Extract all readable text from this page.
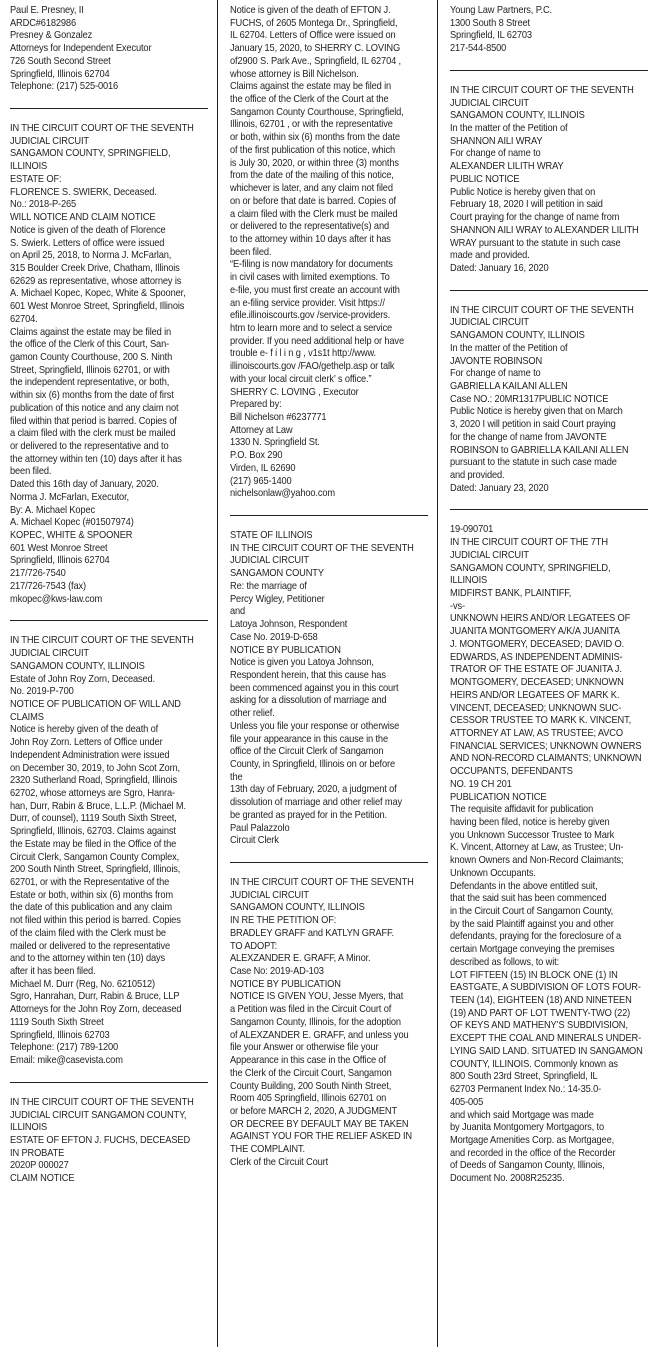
Paul E. Presney, II
ARDC#6182986
Presney & Gonzalez
Attorneys for Independent Executor
726 South Second Street
Springfield, Illinois 62704
Telephone: (217) 525-0016
IN THE CIRCUIT COURT OF THE SEVENTH
JUDICIAL CIRCUIT
SANGAMON COUNTY, SPRINGFIELD,
ILLINOIS
ESTATE OF:
FLORENCE S. SWIERK, Deceased.
No.: 2018-P-265
WILL NOTICE AND CLAIM NOTICE
Notice is given of the death of Florence
S. Swierk. Letters of office were issued
on April 25, 2018, to Norma J. McFarlan,
315 Boulder Creek Drive, Chatham, Illinois
62629 as representative, whose attorney is
A. Michael Kopec, Kopec, White & Spooner,
601 West Monroe Street, Springfield, Illinois
62704.
Claims against the estate may be filed in
the office of the Clerk of this Court, San-
gamon County Courthouse, 200 S. Ninth
Street, Springfield, Illinois 62701, or with
the independent representative, or both,
within six (6) months from the date of first
publication of this notice and any claim not
filed within that period is barred. Copies of
a claim filed with the clerk must be mailed
or delivered to the representative and to
the attorney within ten (10) days after it has
been filed.
Dated this 16th day of January, 2020.
Norma J. McFarlan, Executor,
By: A. Michael Kopec
A. Michael Kopec (#01507974)
KOPEC, WHITE & SPOONER
601 West Monroe Street
Springfield, Illinois 62704
217/726-7540
217/726-7543 (fax)
mkopec@kws-law.com
IN THE CIRCUIT COURT OF THE SEVENTH
JUDICIAL CIRCUIT
SANGAMON COUNTY, ILLINOIS
Estate of John Roy Zorn, Deceased.
No. 2019-P-700
NOTICE OF PUBLICATION OF WILL AND
CLAIMS
Notice is hereby given of the death of
John Roy Zorn. Letters of Office under
Independent Administration were issued
on December 30, 2019, to John Scot Zorn,
2320 Sutherland Road, Springfield, Illinois
62702, whose attorneys are Sgro, Hanra-
han, Durr, Rabin & Bruce, L.L.P. (Michael M.
Durr, of counsel), 1119 South Sixth Street,
Springfield, Illinois, 62703. Claims against
the Estate may be filed in the Office of the
Circuit Clerk, Sangamon County Complex,
200 South Ninth Street, Springfield, Illinois,
62701, or with the Representative of the
Estate or both, within six (6) months from
the date of this publication and any claim
not filed within this period is barred. Copies
of the claim filed with the Clerk must be
mailed or delivered to the representative
and to the attorney within ten (10) days
after it has been filed.
Michael M. Durr (Reg, No. 6210512)
Sgro, Hanrahan, Durr, Rabin & Bruce, LLP
Attorneys for the John Roy Zorn, deceased
1119 South Sixth Street
Springfield, Illinois 62703
Telephone: (217) 789-1200
Email: mike@casevista.com
IN THE CIRCUIT COURT OF THE SEVENTH
JUDICIAL CIRCUIT SANGAMON COUNTY,
ILLINOIS
ESTATE OF EFTON J. FUCHS, DECEASED
IN PROBATE
2020P 000027
CLAIM NOTICE
Notice is given of the death of EFTON J.
FUCHS, of 2605 Montega Dr., Springfield,
IL 62704. Letters of Office were issued on
January 15, 2020, to SHERRY C. LOVING
of2900 S. Park Ave., Springfield, IL 62704 ,
whose attorney is Bill Nichelson.
Claims against the estate may be filed in
the office of the Clerk of the Court at the
Sangamon County Courthouse, Springfield,
Illinois, 62701 , or with the representative
or both, within six (6) months from the date
of the first publication of this notice, which
is July 30, 2020, or within three (3) months
from the date of the mailing of this notice,
whichever is later, and any claim not filed
on or before that date is barred. Copies of
a claim filed with the Clerk must be mailed
or delivered to the representative(s) and
to the attorney within 10 days after it has
been filed.
“E-filing is now mandatory for documents
in civil cases with limited exemptions. To
e-file, you must first create an account with
an e-filing service provider. Visit https://
efile.illinoiscourts.gov /service-providers.
htm to learn more and to select a service
provider. If you need additional help or have
trouble e- f i l i n g , v1s1t http://www.
illinoiscourts.gov /FAO/gethelp.asp or talk
with your local circuit clerk’ s office.”
SHERRY C. LOVING , Executor
Prepared by:
Bill Nichelson #6237771
Attorney at Law
1330 N. Springfield St.
P.O. Box 290
Virden, IL 62690
(217) 965-1400
nichelsonlaw@yahoo.com
STATE OF ILLINOIS
IN THE CIRCUIT COURT OF THE SEVENTH
JUDICIAL CIRCUIT
SANGAMON COUNTY
Re: the marriage of
Percy Wigley, Petitioner
and
Latoya Johnson, Respondent
Case No. 2019-D-658
NOTICE BY PUBLICATION
Notice is given you Latoya Johnson,
Respondent herein, that this cause has
been commenced against you in this court
asking for a dissolution of marriage and
other relief.
Unless you file your response or otherwise
file your appearance in this cause in the
office of the Circuit Clerk of Sangamon
County, in Springfield, Illinois on or before
the
13th day of February, 2020, a judgment of
dissolution of marriage and other relief may
be granted as prayed for in the Petition.
Paul Palazzolo
Circuit Clerk
IN THE CIRCUIT COURT OF THE SEVENTH
JUDICIAL CIRCUIT
SANGAMON COUNTY, ILLINOIS
IN RE THE PETITION OF:
BRADLEY GRAFF and KATLYN GRAFF.
TO ADOPT:
ALEXZANDER E. GRAFF, A Minor.
Case No: 2019-AD-103
NOTICE BY PUBLICATION
NOTICE IS GIVEN YOU, Jesse Myers, that
a Petition was filed in the Circuit Court of
Sangamon County, Illinois, for the adoption
of ALEXZANDER E. GRAFF, and unless you
file your Answer or otherwise file your
Appearance in this case in the Office of
the Clerk of the Circuit Court, Sangamon
County Building, 200 South Ninth Street,
Room 405 Springfield, Illinois 62701 on
or before MARCH 2, 2020, A JUDGMENT
OR DECREE BY DEFAULT MAY BE TAKEN
AGAINST YOU FOR THE RELIEF ASKED IN
THE COMPLAINT.
Clerk of the Circuit Court
Young Law Partners, P.C.
1300 South 8 Street
Springfield, IL 62703
217-544-8500
IN THE CIRCUIT COURT OF THE SEVENTH
JUDICIAL CIRCUIT
SANGAMON COUNTY, ILLINOIS
In the matter of the Petition of
SHANNON AILI WRAY
For change of name to
ALEXANDER LILITH WRAY
PUBLIC NOTICE
Public Notice is hereby given that on
February 18, 2020 I will petition in said
Court praying for the change of name from
SHANNON AILI WRAY to ALEXANDER LILITH
WRAY pursuant to the statute in such case
made and provided.
Dated: January 16, 2020
IN THE CIRCUIT COURT OF THE SEVENTH
JUDICIAL CIRCUIT
SANGAMON COUNTY, ILLINOIS
In the matter of the Petition of
JAVONTE ROBINSON
For change of name to
GABRIELLA KAILANI ALLEN
Case NO.: 20MR1317PUBLIC NOTICE
Public Notice is hereby given that on March
3, 2020 I will petition in said Court praying
for the change of name from JAVONTE
ROBINSON to GABRIELLA KAILANI ALLEN
pursuant to the statute in such case made
and provided.
Dated: January 23, 2020
19-090701
IN THE CIRCUIT COURT OF THE 7TH
JUDICIAL CIRCUIT
SANGAMON COUNTY, SPRINGFIELD,
ILLINOIS
MIDFIRST BANK, PLAINTIFF,
-vs-
UNKNOWN HEIRS AND/OR LEGATEES OF
JUANITA MONTGOMERY A/K/A JUANITA
J. MONTGOMERY, DECEASED; DAVID O.
EDWARDS, AS INDEPENDENT ADMINIS-
TRATOR OF THE ESTATE OF JUANITA J.
MONTGOMERY, DECEASED; UNKNOWN
HEIRS AND/OR LEGATEES OF MARK K.
VINCENT, DECEASED; UNKNOWN SUC-
CESSOR TRUSTEE TO MARK K. VINCENT,
ATTORNEY AT LAW, AS TRUSTEE; AVCO
FINANCIAL SERVICES; UNKNOWN OWNERS
AND NON-RECORD CLAIMANTS; UNKNOWN
OCCUPANTS, DEFENDANTS
NO. 19 CH 201
PUBLICATION NOTICE
The requisite affidavit for publication
having been filed, notice is hereby given
you Unknown Successor Trustee to Mark
K. Vincent, Attorney at Law, as Trustee; Un-
known Owners and Non-Record Claimants;
Unknown Occupants.
Defendants in the above entitled suit,
that the said suit has been commenced
in the Circuit Court of Sangamon County,
by the said Plaintiff against you and other
defendants, praying for the foreclosure of a
certain Mortgage conveying the premises
described as follows, to wit:
LOT FIFTEEN (15) IN BLOCK ONE (1) IN
EASTGATE, A SUBDIVISION OF LOTS FOUR-
TEEN (14), EIGHTEEN (18) AND NINETEEN
(19) AND PART OF LOT TWENTY-TWO (22)
OF KEYS AND MATHENY’S SUBDIVISION,
EXCEPT THE COAL AND MINERALS UNDER-
LYING SAID LAND. SITUATED IN SANGAMON
COUNTY, ILLINOIS. Commonly known as
800 South 23rd Street, Springfield, IL
62703 Permanent Index No.: 14-35.0-
405-005
and which said Mortgage was made
by Juanita Montgomery Mortgagors, to
Mortgage Amenities Corp. as Mortgagee,
and recorded in the office of the Recorder
of Deeds of Sangamon County, Illinois,
Document No. 2008R25235.
